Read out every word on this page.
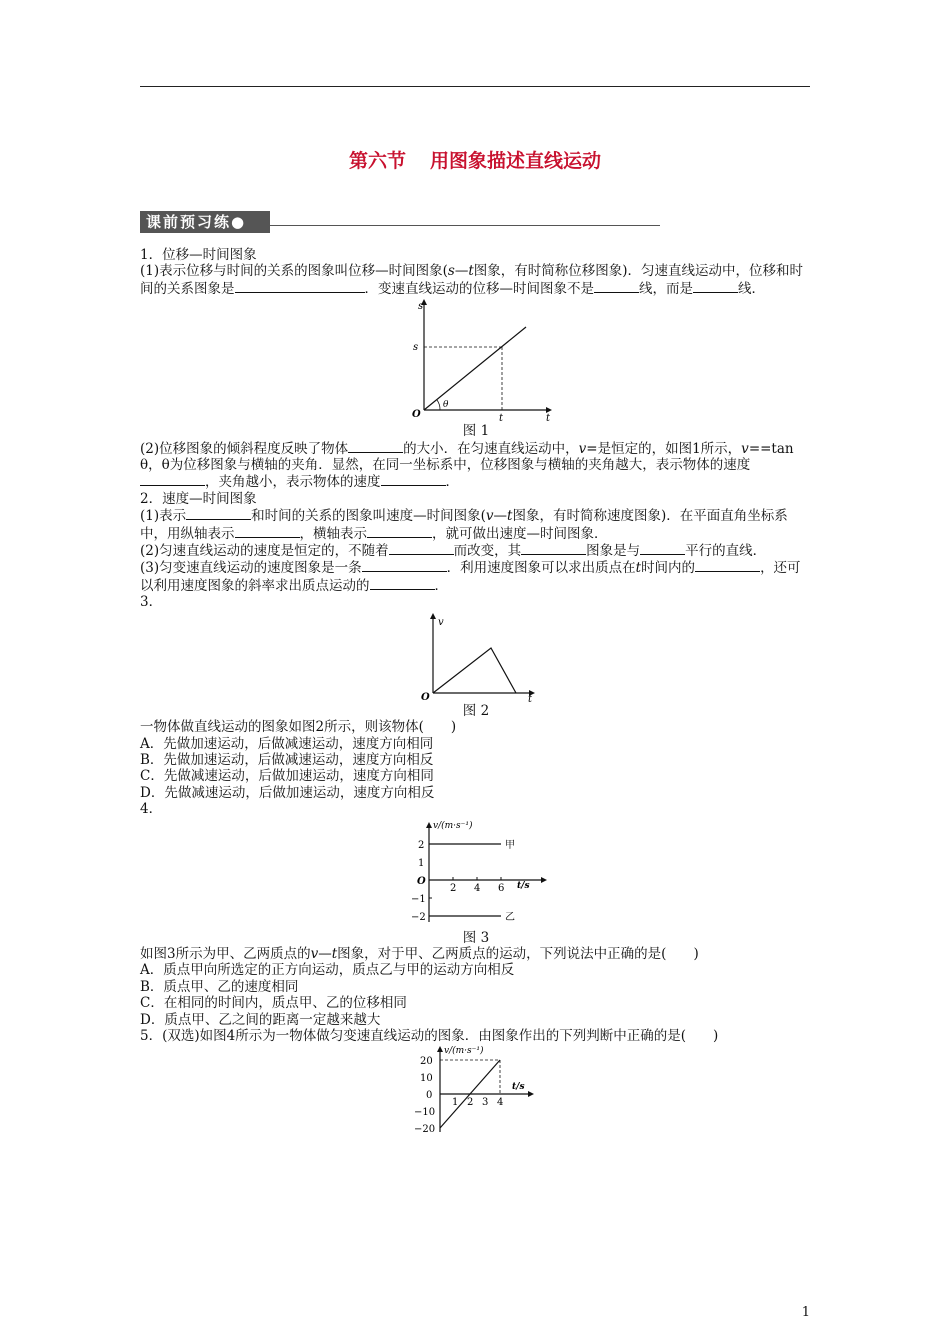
第六节 用图象描述直线运动
课前预习练●

1．位移—时间图象

(1)表示位移与时间的关系的图象叫位移—时间图象(s—t图象，有时简称位移图象)．匀速直线运动中，位移和时间的关系图象是	．变速直线运动的位移—时间图象不是	线，而是	线．

s
t
O
s
t
θ

图 1

(2)位移图象的倾斜程度反映了物体	的大小．在匀速直线运动中，v=是恒定的，如图1所示，v==tan　θ，θ为位移图象与横轴的夹角．显然，在同一坐标系中，位移图象与横轴的夹角越大，表示物体的速度，夹角越小，表示物体的速度	．

2．速度—时间图象

(1)表示	和时间的关系的图象叫速度—时间图象(v—t图象，有时简称速度图象)．在平面直角坐标系中，用纵轴表示	，横轴表示	，就可做出速度—时间图象．

(2)匀速直线运动的速度是恒定的，不随着	而改变，其	图象是与	平行的直线．

(3)匀变速直线运动的速度图象是一条	．利用速度图象可以求出质点在t时间内的	，还可以利用速度图象的斜率求出质点运动的	．

3．

v
t
O

图 2

一物体做直线运动的图象如图2所示，则该物体(　　)

A．先做加速运动，后做减速运动，速度方向相同

B．先做加速运动，后做减速运动，速度方向相反

C．先做减速运动，后做加速运动，速度方向相同

D．先做减速运动，后做加速运动，速度方向相反

4．

v/(m·s⁻¹)
t/s
O
2
1
−1
−2
2 4 6
甲
乙

图 3

如图3所示为甲、乙两质点的v—t图象，对于甲、乙两质点的运动，下列说法中正确的是(　　)

A．质点甲向所选定的正方向运动，质点乙与甲的运动方向相反

B．质点甲、乙的速度相同

C．在相同的时间内，质点甲、乙的位移相同

D．质点甲、乙之间的距离一定越来越大

5．(双选)如图4所示为一物体做匀变速直线运动的图象．由图象作出的下列判断中正确的是(　　)

v/(m·s⁻¹)
t/s
20
10
0
−10
−20
1 2 3 4
1
